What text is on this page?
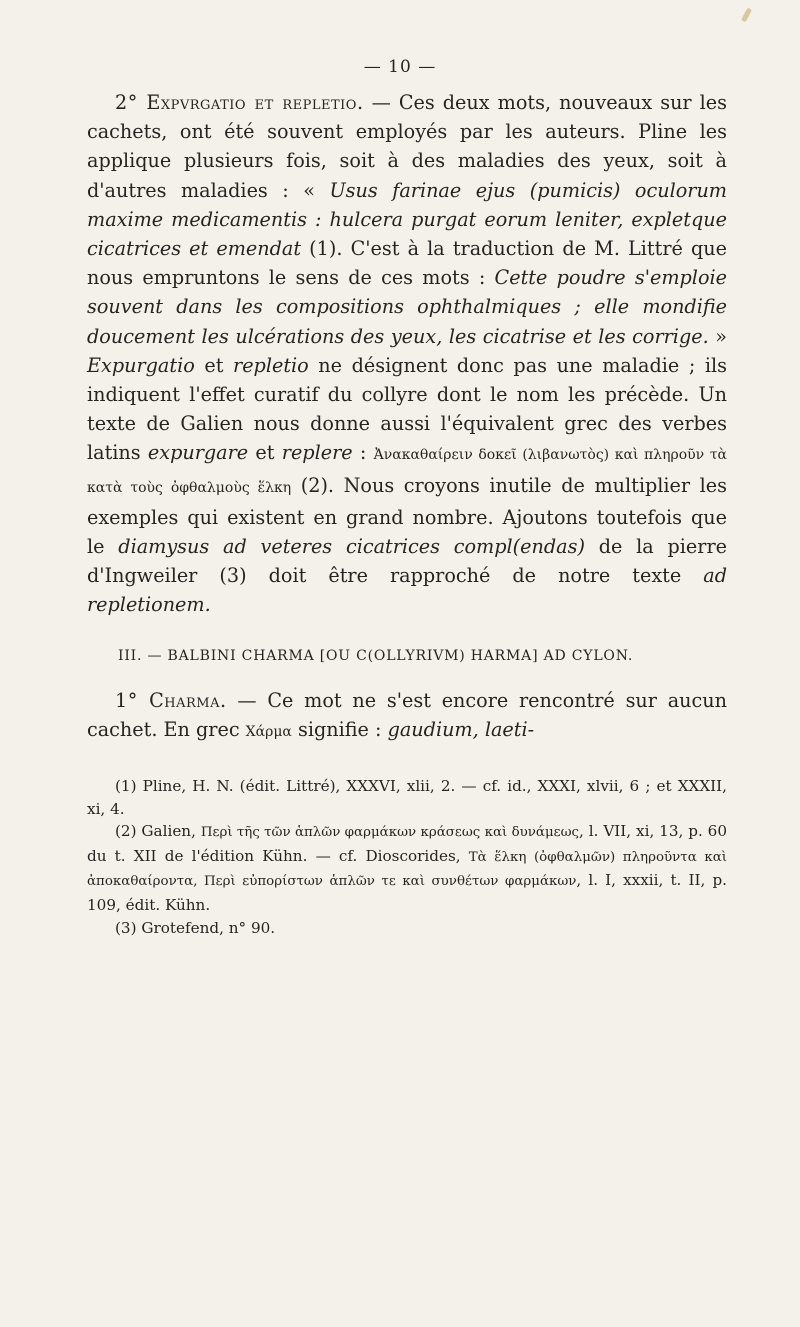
— 10 —

2° Expvrgatio et repletio. — Ces deux mots, nouveaux sur les cachets, ont été souvent employés par les auteurs. Pline les applique plusieurs fois, soit à des maladies des yeux, soit à d'autres maladies : « Usus farinae ejus (pumicis) oculorum maxime medicamentis : hulcera purgat eorum leniter, expletque cicatrices et emendat (1). C'est à la traduction de M. Littré que nous empruntons le sens de ces mots : Cette poudre s'emploie souvent dans les compositions ophthalmiques ; elle mondifie doucement les ulcérations des yeux, les cicatrise et les corrige. » Expurgatio et repletio ne désignent donc pas une maladie ; ils indiquent l'effet curatif du collyre dont le nom les précède. Un texte de Galien nous donne aussi l'équivalent grec des verbes latins expurgare et replere : Ἀνακαθαίρειν δοκεῖ (λιβανωτὸς) καὶ πληροῦν τὰ κατὰ τοὺς ὀφθαλμοὺς ἕλκη (2). Nous croyons inutile de multiplier les exemples qui existent en grand nombre. Ajoutons toutefois que le diamysus ad veteres cicatrices compl(endas) de la pierre d'Ingweiler (3) doit être rapproché de notre texte ad repletionem.

III. — BALBINI CHARMA [OU C(OLLYRIVM) HARMA] AD CYLON.

1° Charma. — Ce mot ne s'est encore rencontré sur aucun cachet. En grec Χάρμα signifie : gaudium, laeti-

(1) Pline, H. N. (édit. Littré), XXXVI, xlii, 2. — cf. id., XXXI, xlvii, 6 ; et XXXII, xi, 4.

(2) Galien, Περὶ τῆς τῶν ἁπλῶν φαρμάκων κράσεως καὶ δυνάμεως, l. VII, xi, 13, p. 60 du t. XII de l'édition Kühn. — cf. Dioscorides, Τὰ ἕλκη (ὀφθαλμῶν) πληροῦντα καὶ ἀποκαθαίροντα, Περὶ εὐπορίστων ἁπλῶν τε καὶ συνθέτων φαρμάκων, l. I, xxxii, t. II, p. 109, édit. Kühn.

(3) Grotefend, n° 90.
